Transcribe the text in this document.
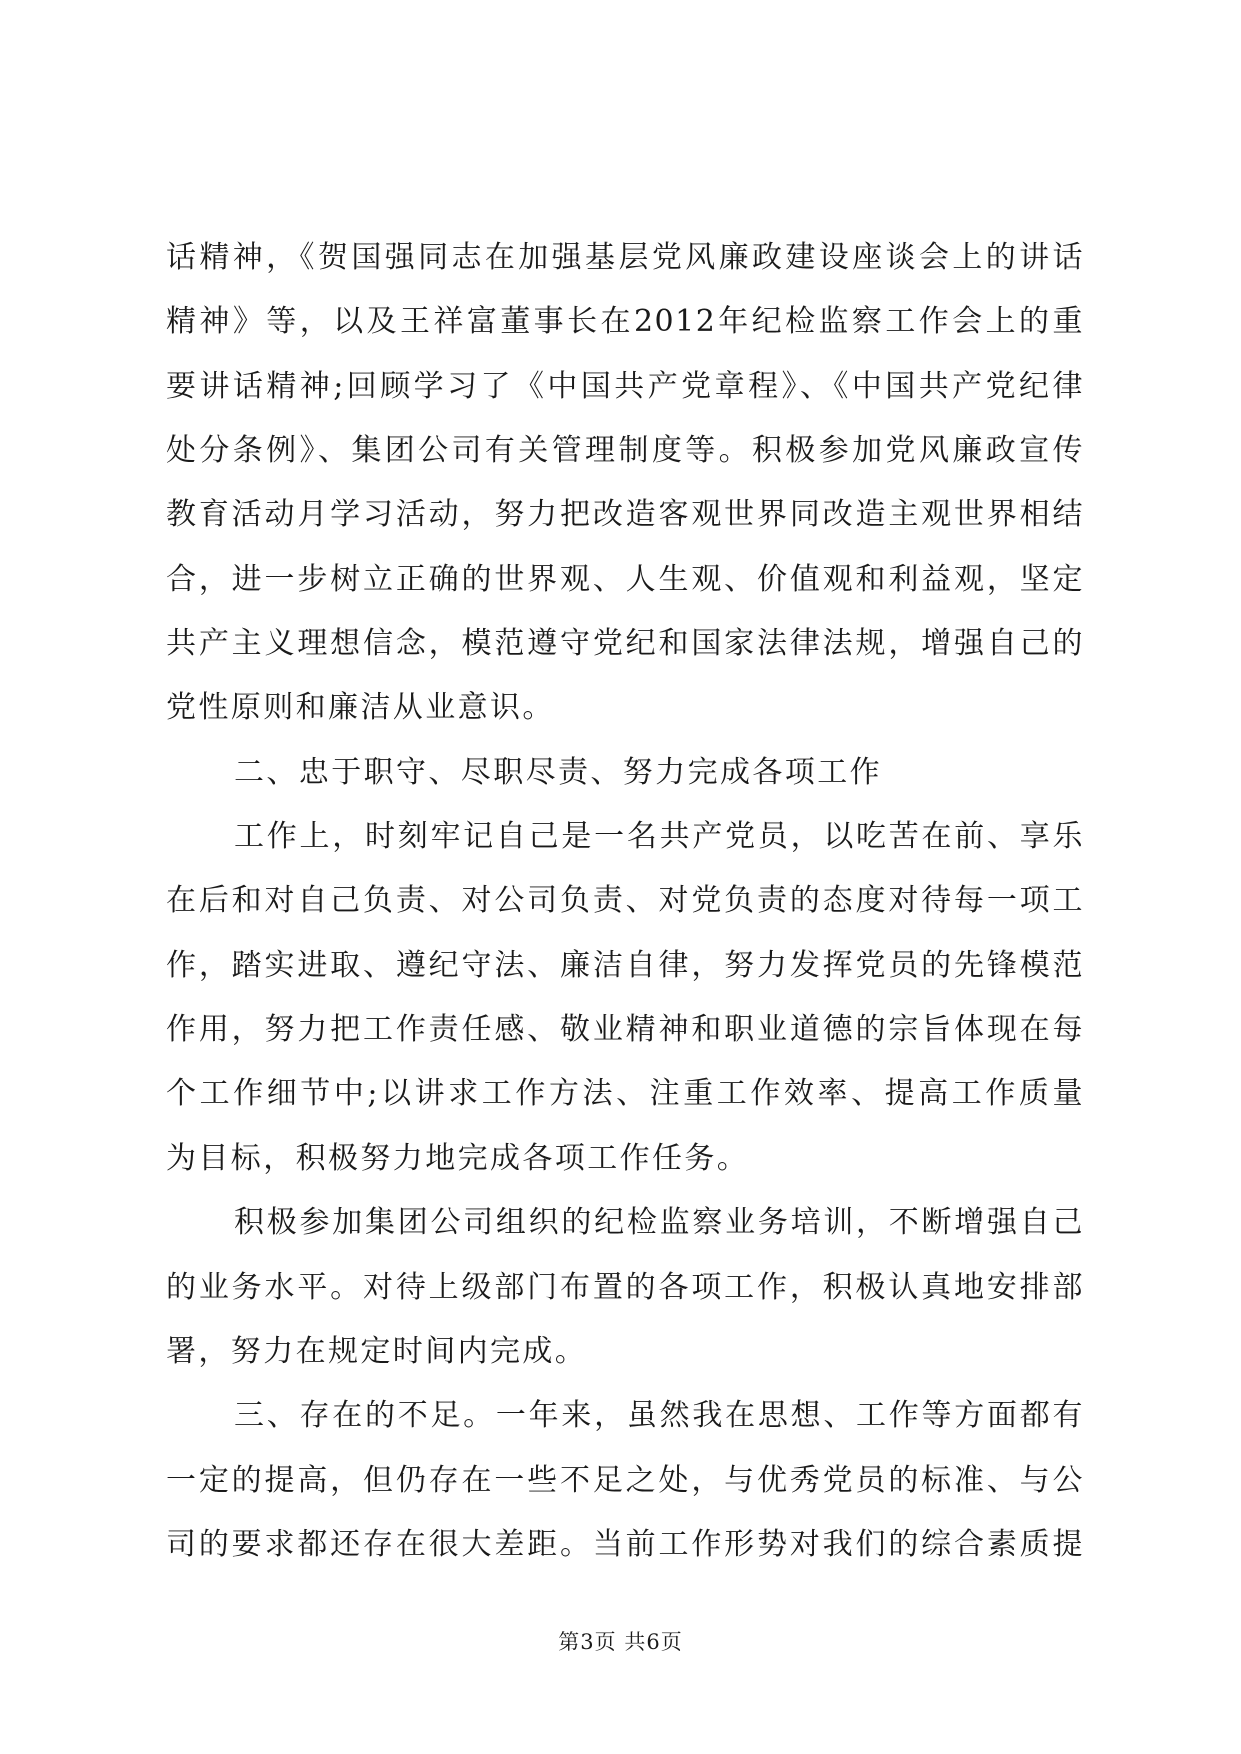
话精神，《贺国强同志在加强基层党风廉政建设座谈会上的讲话
精神》等，以及王祥富董事长在2012年纪检监察工作会上的重
要讲话精神;回顾学习了《中国共产党章程》、《中国共产党纪律
处分条例》、集团公司有关管理制度等。积极参加党风廉政宣传
教育活动月学习活动，努力把改造客观世界同改造主观世界相结
合，进一步树立正确的世界观、人生观、价值观和利益观，坚定
共产主义理想信念，模范遵守党纪和国家法律法规，增强自己的
党性原则和廉洁从业意识。
二、忠于职守、尽职尽责、努力完成各项工作
工作上，时刻牢记自己是一名共产党员，以吃苦在前、享乐
在后和对自己负责、对公司负责、对党负责的态度对待每一项工
作，踏实进取、遵纪守法、廉洁自律，努力发挥党员的先锋模范
作用，努力把工作责任感、敬业精神和职业道德的宗旨体现在每
个工作细节中;以讲求工作方法、注重工作效率、提高工作质量
为目标，积极努力地完成各项工作任务。
积极参加集团公司组织的纪检监察业务培训，不断增强自己
的业务水平。对待上级部门布置的各项工作，积极认真地安排部
署，努力在规定时间内完成。
三、存在的不足。一年来，虽然我在思想、工作等方面都有
一定的提高，但仍存在一些不足之处，与优秀党员的标准、与公
司的要求都还存在很大差距。当前工作形势对我们的综合素质提
第3页 共6页
